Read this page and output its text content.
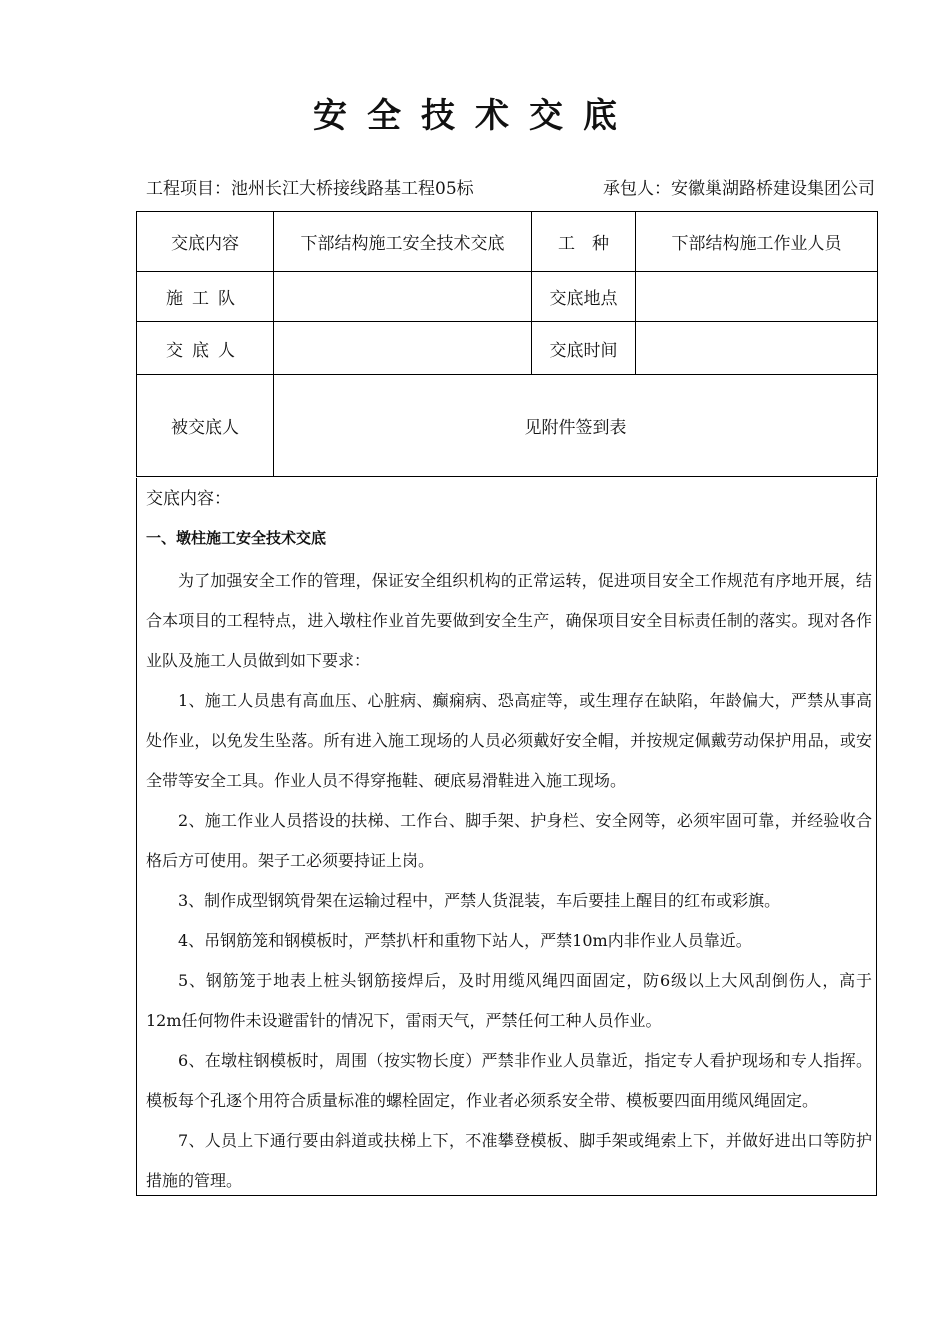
安全技术交底
工程项目：池州长江大桥接线路基工程05标	承包人：安徽巢湖路桥建设集团公司
交底内容	下部结构施工安全技术交底	工　种	下部结构施工作业人员
施工队		交底地点	
交底人		交底时间	
被交底人	见附件签到表		
交底内容：
一、墩柱施工安全技术交底

为了加强安全工作的管理，保证安全组织机构的正常运转，促进项目安全工作规范有序地开展，结合本项目的工程特点，进入墩柱作业首先要做到安全生产，确保项目安全目标责任制的落实。现对各作业队及施工人员做到如下要求：

1、施工人员患有高血压、心脏病、癫痫病、恐高症等，或生理存在缺陷，年龄偏大，严禁从事高处作业，以免发生坠落。所有进入施工现场的人员必须戴好安全帽，并按规定佩戴劳动保护用品，或安全带等安全工具。作业人员不得穿拖鞋、硬底易滑鞋进入施工现场。

2、施工作业人员搭设的扶梯、工作台、脚手架、护身栏、安全网等，必须牢固可靠，并经验收合格后方可使用。架子工必须要持证上岗。

3、制作成型钢筑骨架在运输过程中，严禁人货混装，车后要挂上醒目的红布或彩旗。

4、吊钢筋笼和钢模板时，严禁扒杆和重物下站人，严禁10m内非作业人员靠近。

5、钢筋笼于地表上桩头钢筋接焊后，及时用缆风绳四面固定，防6级以上大风刮倒伤人，高于12m任何物件未设避雷针的情况下，雷雨天气，严禁任何工种人员作业。

6、在墩柱钢模板时，周围（按实物长度）严禁非作业人员靠近，指定专人看护现场和专人指挥。模板每个孔逐个用符合质量标准的螺栓固定，作业者必须系安全带、模板要四面用缆风绳固定。

7、人员上下通行要由斜道或扶梯上下，不准攀登模板、脚手架或绳索上下，并做好进出口等防护措施的管理。
